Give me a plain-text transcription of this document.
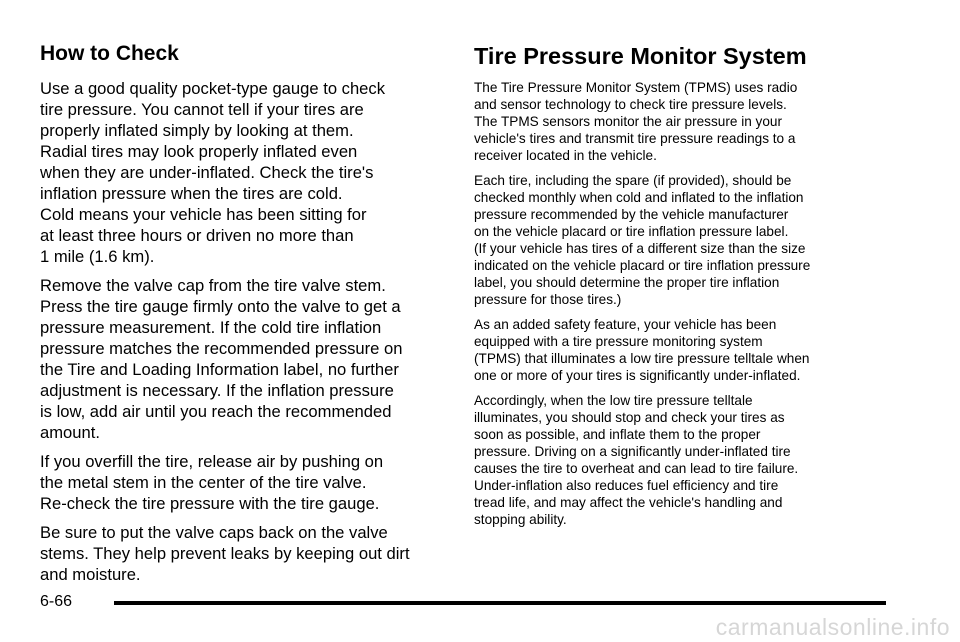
How to Check

Use a good quality pocket-type gauge to check
tire pressure. You cannot tell if your tires are
properly inflated simply by looking at them.
Radial tires may look properly inflated even
when they are under-inflated. Check the tire's
inflation pressure when the tires are cold.
Cold means your vehicle has been sitting for
at least three hours or driven no more than
1 mile (1.6 km).

Remove the valve cap from the tire valve stem.
Press the tire gauge firmly onto the valve to get a
pressure measurement. If the cold tire inflation
pressure matches the recommended pressure on
the Tire and Loading Information label, no further
adjustment is necessary. If the inflation pressure
is low, add air until you reach the recommended
amount.

If you overfill the tire, release air by pushing on
the metal stem in the center of the tire valve.
Re-check the tire pressure with the tire gauge.

Be sure to put the valve caps back on the valve
stems. They help prevent leaks by keeping out dirt
and moisture.

Tire Pressure Monitor System

The Tire Pressure Monitor System (TPMS) uses radio
and sensor technology to check tire pressure levels.
The TPMS sensors monitor the air pressure in your
vehicle's tires and transmit tire pressure readings to a
receiver located in the vehicle.

Each tire, including the spare (if provided), should be
checked monthly when cold and inflated to the inflation
pressure recommended by the vehicle manufacturer
on the vehicle placard or tire inflation pressure label.
(If your vehicle has tires of a different size than the size
indicated on the vehicle placard or tire inflation pressure
label, you should determine the proper tire inflation
pressure for those tires.)

As an added safety feature, your vehicle has been
equipped with a tire pressure monitoring system
(TPMS) that illuminates a low tire pressure telltale when
one or more of your tires is significantly under-inflated.

Accordingly, when the low tire pressure telltale
illuminates, you should stop and check your tires as
soon as possible, and inflate them to the proper
pressure. Driving on a significantly under-inflated tire
causes the tire to overheat and can lead to tire failure.
Under-inflation also reduces fuel efficiency and tire
tread life, and may affect the vehicle's handling and
stopping ability.

6-66
carmanualsonline.info
